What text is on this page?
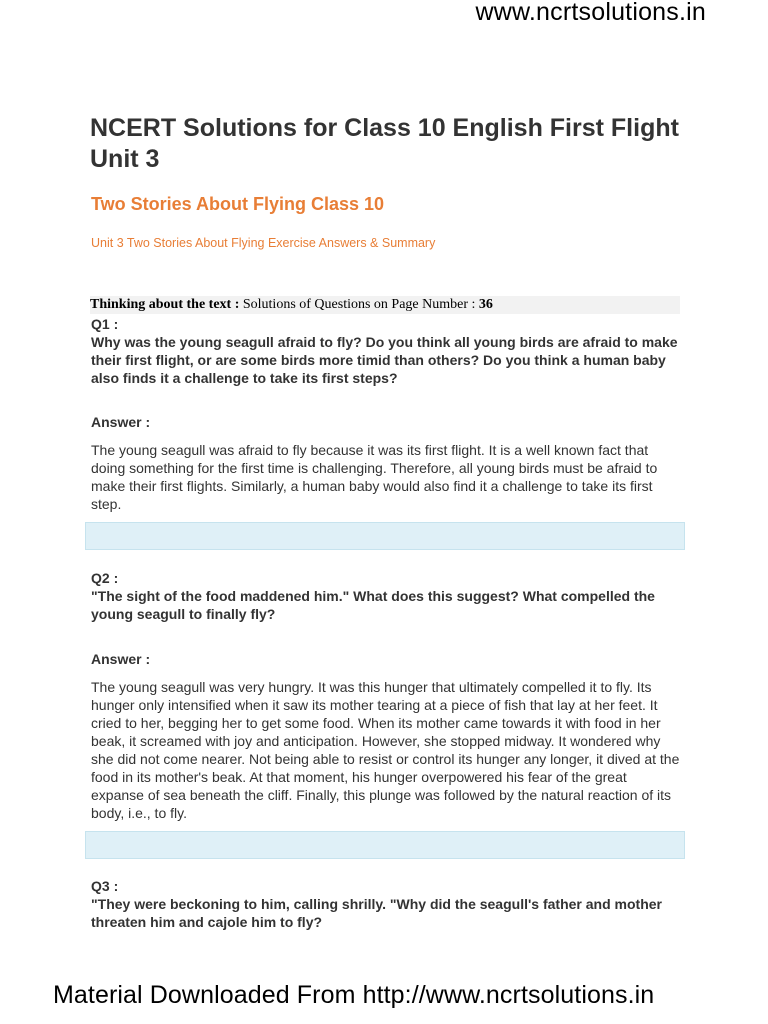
www.ncrtsolutions.in
NCERT Solutions for Class 10 English First Flight Unit 3
Two Stories About Flying Class 10
Unit 3 Two Stories About Flying Exercise Answers & Summary
Thinking about the text : Solutions of Questions on Page Number : 36
Q1 :
Why was the young seagull afraid to fly? Do you think all young birds are afraid to make their first flight, or are some birds more timid than others? Do you think a human baby also finds it a challenge to take its first steps?
Answer :
The young seagull was afraid to fly because it was its first flight. It is a well known fact that doing something for the first time is challenging. Therefore, all young birds must be afraid to make their first flights. Similarly, a human baby would also find it a challenge to take its first step.
Q2 :
"The sight of the food maddened him." What does this suggest? What compelled the young seagull to finally fly?
Answer :
The young seagull was very hungry. It was this hunger that ultimately compelled it to fly. Its hunger only intensified when it saw its mother tearing at a piece of fish that lay at her feet. It cried to her, begging her to get some food. When its mother came towards it with food in her beak, it screamed with joy and anticipation. However, she stopped midway. It wondered why she did not come nearer. Not being able to resist or control its hunger any longer, it dived at the food in its mother's beak. At that moment, his hunger overpowered his fear of the great expanse of sea beneath the cliff. Finally, this plunge was followed by the natural reaction of its body, i.e., to fly.
Q3 :
"They were beckoning to him, calling shrilly. "Why did the seagull's father and mother threaten him and cajole him to fly?
Material Downloaded From http://www.ncrtsolutions.in
